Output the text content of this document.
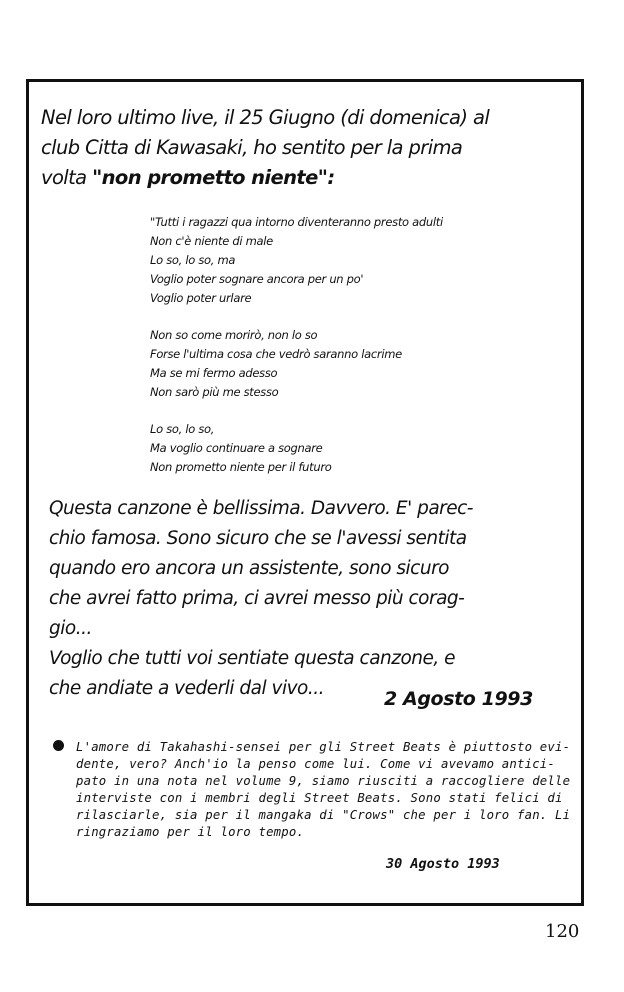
Nel loro ultimo live, il 25 Giugno (di domenica) al
club Citta di Kawasaki, ho sentito per la prima
volta "non prometto niente":
"Tutti i ragazzi qua intorno diventeranno presto adulti
Non c'è niente di male
Lo so, lo so, ma
Voglio poter sognare ancora per un po'
Voglio poter urlare
Non so come morirò, non lo so
Forse l'ultima cosa che vedrò saranno lacrime
Ma se mi fermo adesso
Non sarò più me stesso
Lo so, lo so,
Ma voglio continuare a sognare
Non prometto niente per il futuro
Questa canzone è bellissima. Davvero. E' parec-
chio famosa. Sono sicuro che se l'avessi sentita
quando ero ancora un assistente, sono sicuro
che avrei fatto prima, ci avrei messo più corag-
gio...
Voglio che tutti voi sentiate questa canzone, e
che andiate a vederli dal vivo...	2 Agosto 1993
L'amore di Takahashi-sensei per gli Street Beats è piuttosto evi-
dente, vero? Anch'io la penso come lui. Come vi avevamo antici-
pato in una nota nel volume 9, siamo riusciti a raccogliere delle
interviste con i membri degli Street Beats. Sono stati felici di
rilasciarle, sia per il mangaka di "Crows" che per i loro fan. Li
ringraziamo per il loro tempo.
30 Agosto 1993
120
